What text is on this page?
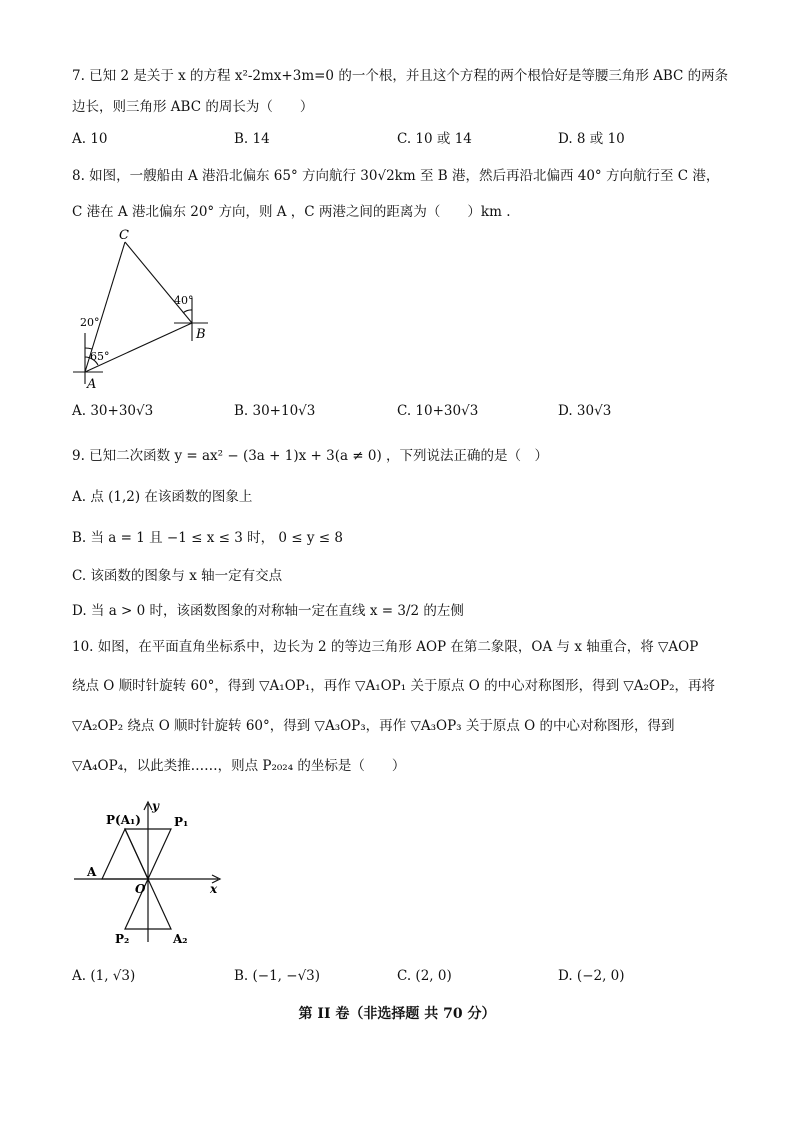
7. 已知 2 是关于 x 的方程 x²-2mx+3m=0 的一个根，并且这个方程的两个根恰好是等腰三角形 ABC 的两条
边长，则三角形 ABC 的周长为（　　）
A. 10	B. 14	C. 10 或 14	D. 8 或 10
8. 如图，一艘船由 A 港沿北偏东 65° 方向航行 30√2km 至 B 港，然后再沿北偏西 40° 方向航行至 C 港，
C 港在 A 港北偏东 20° 方向，则 A ，C 两港之间的距离为（　　）km .
C
40°
B
20°
65°
A
A. 30+30√3	B. 30+10√3	C. 10+30√3	D. 30√3
9. 已知二次函数 y = ax² − (3a + 1)x + 3(a ≠ 0) ，下列说法正确的是（　）
A. 点 (1,2) 在该函数的图象上
B. 当 a = 1 且 −1 ≤ x ≤ 3 时， 0 ≤ y ≤ 8
C. 该函数的图象与 x 轴一定有交点
D. 当 a > 0 时，该函数图象的对称轴一定在直线 x = 3/2 的左侧
10. 如图，在平面直角坐标系中，边长为 2 的等边三角形 AOP 在第二象限，OA 与 x 轴重合，将 ▽AOP
绕点 O 顺时针旋转 60°，得到 ▽A₁OP₁，再作 ▽A₁OP₁ 关于原点 O 的中心对称图形，得到 ▽A₂OP₂，再将
▽A₂OP₂ 绕点 O 顺时针旋转 60°，得到 ▽A₃OP₃，再作 ▽A₃OP₃ 关于原点 O 的中心对称图形，得到
▽A₄OP₄，以此类推……，则点 P₂₀₂₄ 的坐标是（　　）
y
P(A₁)	P₁
A
O	x
P₂	A₂
A. (1, √3)	B. (−1, −√3)	C. (2, 0)	D. (−2, 0)
第 II 卷（非选择题 共 70 分）
